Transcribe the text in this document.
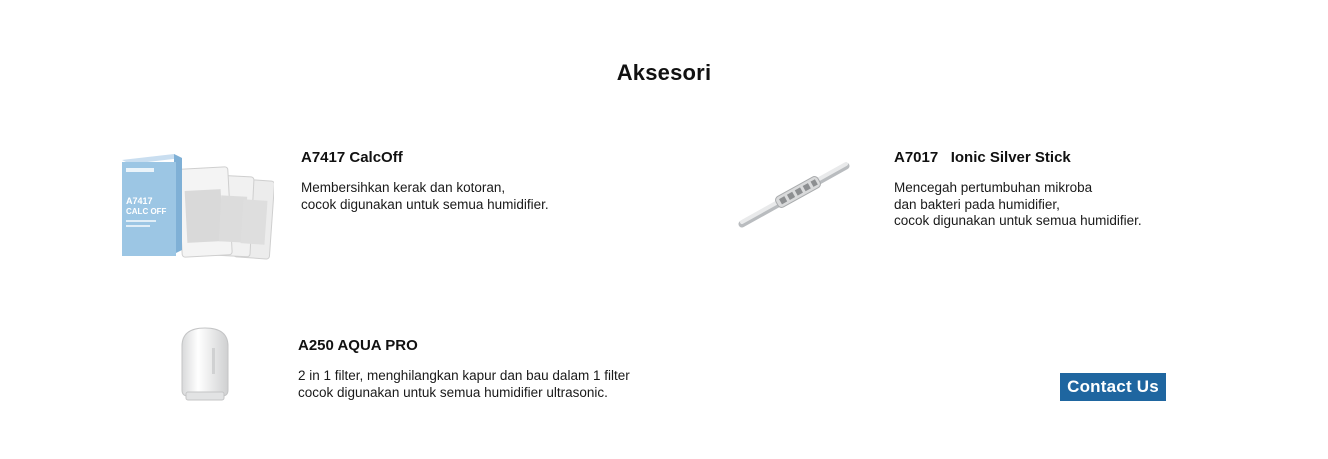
Aksesori
A7417
CALC OFF
A7417 CalcOff
Membersihkan kerak dan kotoran,
cocok digunakan untuk semua humidifier.
A7017   Ionic Silver Stick
Mencegah pertumbuhan mikroba
dan bakteri pada humidifier,
cocok digunakan untuk semua humidifier.
A250 AQUA PRO
2 in 1 filter, menghilangkan kapur dan bau dalam 1 filter
cocok digunakan untuk semua humidifier ultrasonic.	Contact Us
